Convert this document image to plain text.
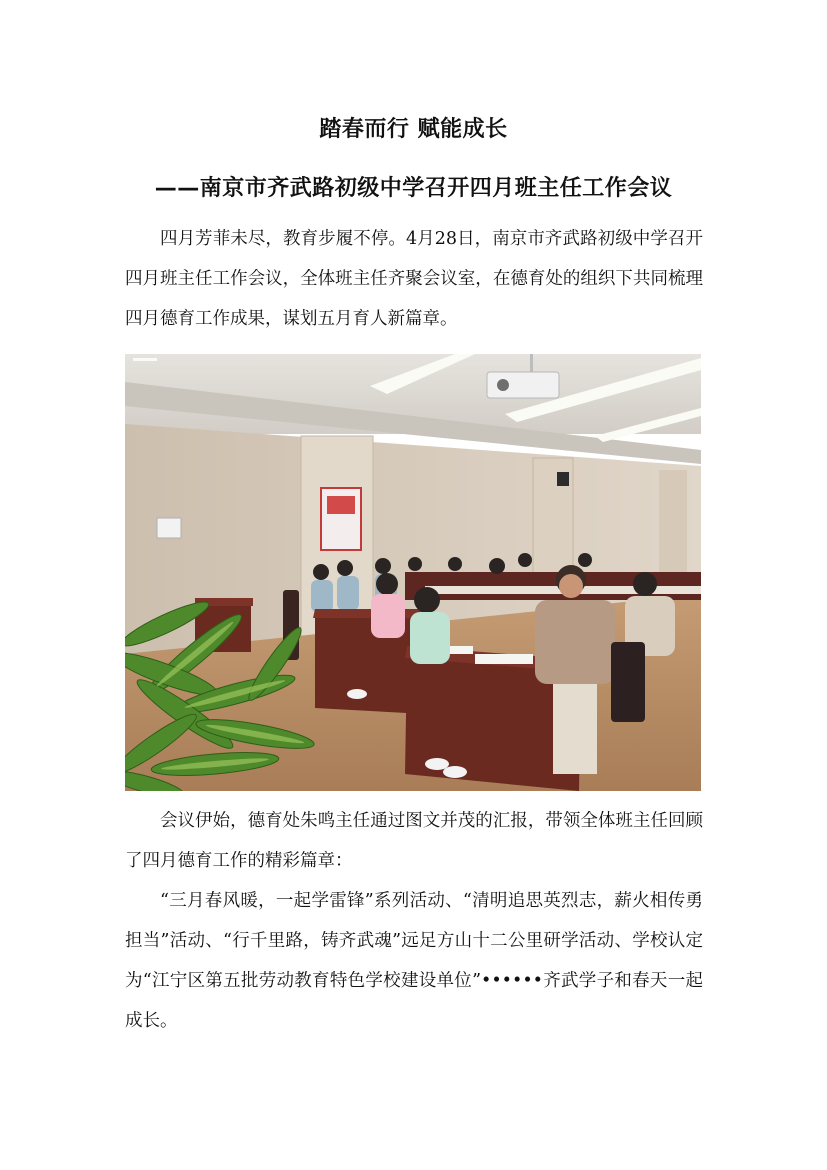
踏春而行 赋能成长
——南京市齐武路初级中学召开四月班主任工作会议

四月芳菲未尽，教育步履不停。4月28日，南京市齐武路初级中学召开四月班主任工作会议，全体班主任齐聚会议室，在德育处的组织下共同梳理四月德育工作成果，谋划五月育人新篇章。

会议伊始，德育处朱鸣主任通过图文并茂的汇报，带领全体班主任回顾了四月德育工作的精彩篇章：

“三月春风暖，一起学雷锋”系列活动、“清明追思英烈志，薪火相传勇担当”活动、“行千里路，铸齐武魂”远足方山十二公里研学活动、学校认定为“江宁区第五批劳动教育特色学校建设单位”••••••齐武学子和春天一起成长。
